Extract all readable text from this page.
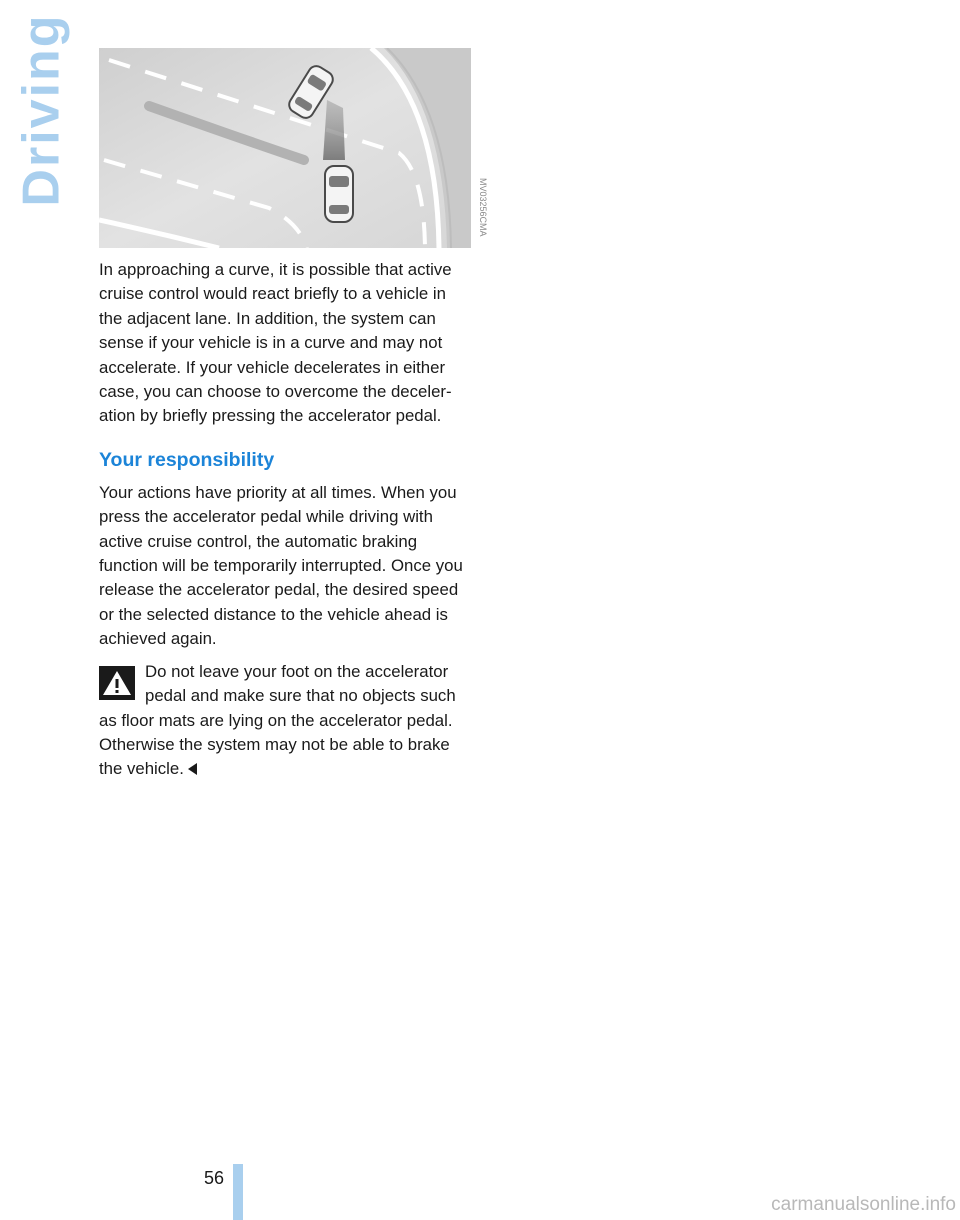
Driving
MV03256CMA

In approaching a curve, it is possible that active cruise control would react briefly to a vehicle in the adjacent lane. In addition, the system can sense if your vehicle is in a curve and may not accelerate. If your vehicle decelerates in either case, you can choose to overcome the deceler-ation by briefly pressing the accelerator pedal.

Your responsibility

Your actions have priority at all times. When you press the accelerator pedal while driving with active cruise control, the automatic braking function will be temporarily interrupted. Once you release the accelerator pedal, the desired speed or the selected distance to the vehicle ahead is achieved again.

Do not leave your foot on the accelerator pedal and make sure that no objects such as floor mats are lying on the accelerator pedal. Otherwise the system may not be able to brake the vehicle.
56
carmanualsonline.info
